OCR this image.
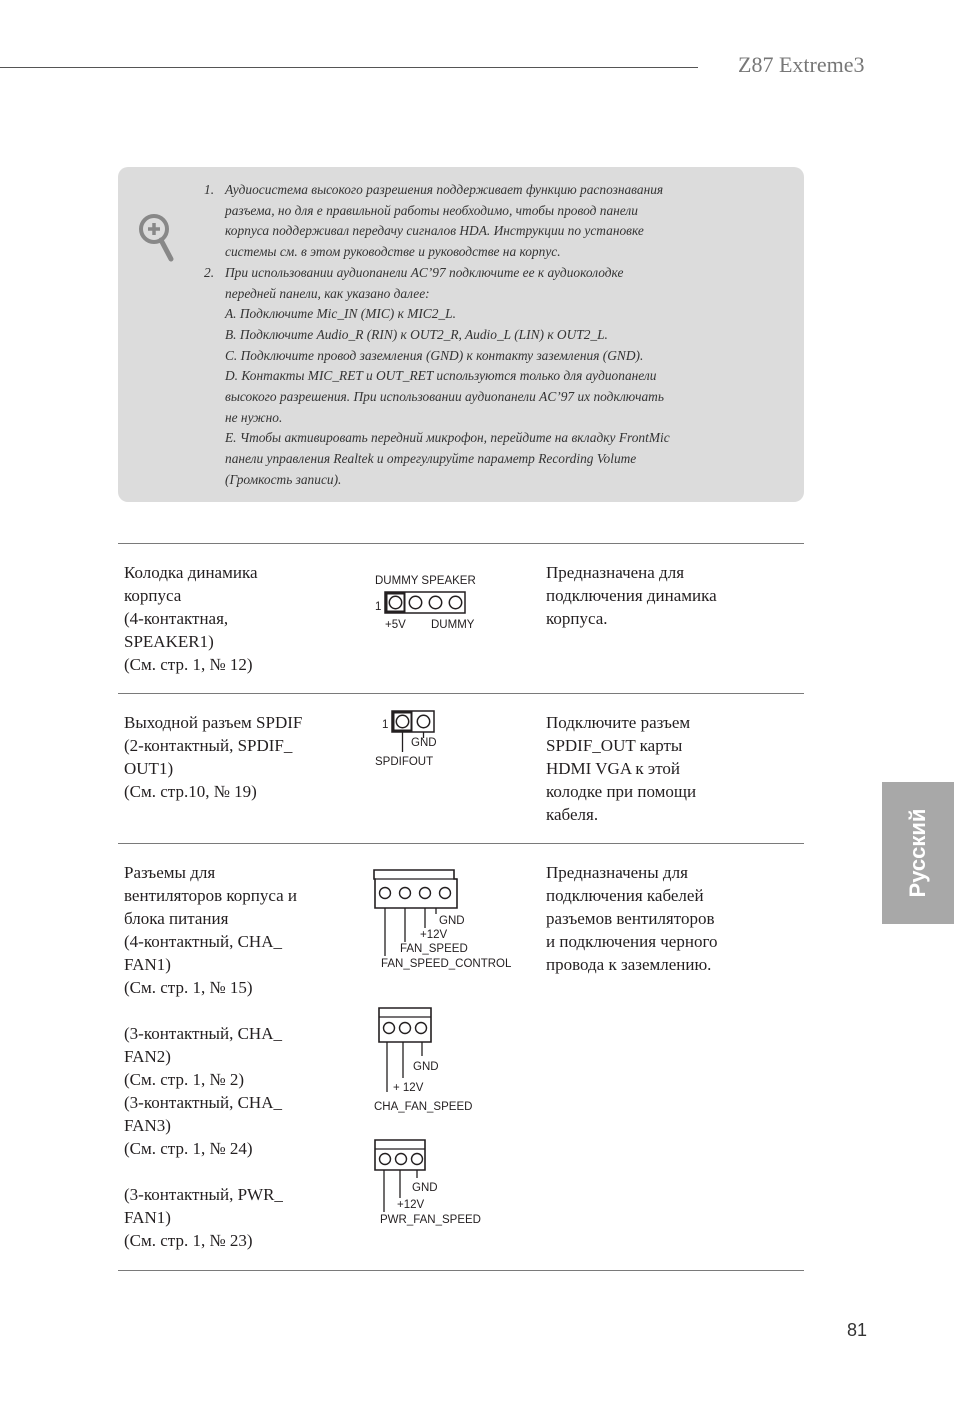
Z87 Extreme3
1. Аудиосистема высокого разрешения поддерживает функцию распознавания
разъема, но для е правильной работы необходимо, чтобы провод панели
корпуса поддерживал передачу сигналов HDA. Инструкции по установке
системы см. в этом руководстве и руководстве на корпус.
2. При использовании аудиопанели AC’97 подключите ее к аудиоколодке
передней панели, как указано далее:
A. Подключите Mic_IN (MIC) к MIC2_L.
B. Подключите Audio_R (RIN) к OUT2_R, Audio_L (LIN) к OUT2_L.
C. Подключите провод заземления (GND) к контакту заземления (GND).
D. Контакты MIC_RET и OUT_RET используются только для аудиопанели
высокого разрешения. При использовании аудиопанели AC’97 их подключать
не нужно.
E. Чтобы активировать передний микрофон, перейдите на вкладку FrontMic
панели управления Realtek и отрегулируйте параметр Recording Volume
(Громкость записи).
Колодка динамика
корпуса
(4-контактная,
SPEAKER1)
(См. стр. 1, № 12)
DUMMY SPEAKER
1
+5V DUMMY
Предназначена для
подключения динамика
корпуса.
Выходной разъем SPDIF
(2-контактный, SPDIF_
OUT1)
(См. стр.10, № 19)
1
GND
SPDIFOUT
Подключите разъем
SPDIF_OUT карты
HDMI VGA к этой
колодке при помощи
кабеля.
Разъемы для
вентиляторов корпуса и
блока питания
(4-контактный, CHA_
FAN1)
(См. стр. 1, № 15)
(3-контактный, CHA_
FAN2)
(См. стр. 1, № 2)
(3-контактный, CHA_
FAN3)
(См. стр. 1, № 24)
(3-контактный, PWR_
FAN1)
(См. стр. 1, № 23)
GND
+12V
FAN_SPEED
FAN_SPEED_CONTROL
GND
+ 12V
CHA_FAN_SPEED
GND
+12V
PWR_FAN_SPEED
Предназначены для
подключения кабелей
разъемов вентиляторов
и подключения черного
провода к заземлению.
Русский
81
